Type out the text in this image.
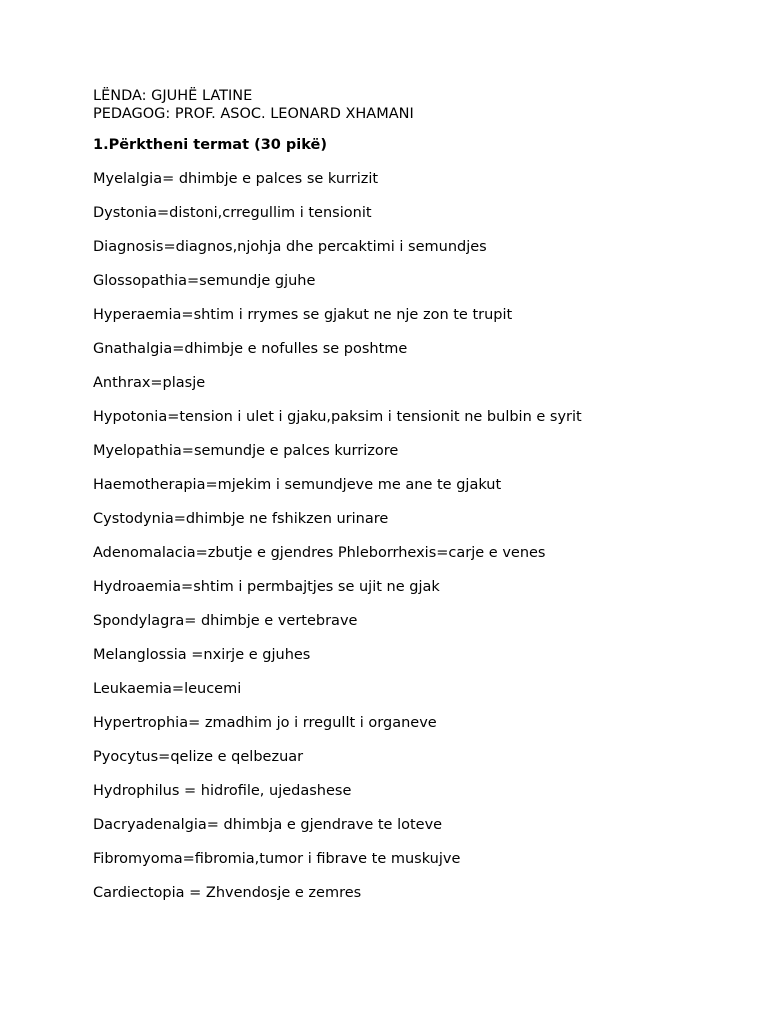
LËNDA: GJUHË LATINE
PEDAGOG: PROF. ASOC. LEONARD XHAMANI
1.Përktheni termat (30 pikë)
Myelalgia= dhimbje e palces se kurrizit
Dystonia=distoni,crregullim i tensionit
Diagnosis=diagnos,njohja dhe percaktimi i semundjes
Glossopathia=semundje gjuhe
Hyperaemia=shtim i rrymes se gjakut ne nje zon te trupit
Gnathalgia=dhimbje e nofulles se poshtme
Anthrax=plasje
Hypotonia=tension i ulet i gjaku,paksim i tensionit ne bulbin e syrit
Myelopathia=semundje e palces kurrizore
Haemotherapia=mjekim i semundjeve me ane te gjakut
Cystodynia=dhimbje ne fshikzen urinare
Adenomalacia=zbutje e gjendres Phleborrhexis=carje e venes
Hydroaemia=shtim i permbajtjes se ujit ne gjak
Spondylagra= dhimbje e vertebrave
Melanglossia =nxirje e gjuhes
Leukaemia=leucemi
Hypertrophia= zmadhim jo i rregullt i organeve
Pyocytus=qelize e qelbezuar
Hydrophilus = hidrofile, ujedashese
Dacryadenalgia= dhimbja e gjendrave te loteve
Fibromyoma=fibromia,tumor i fibrave te muskujve
Cardiectopia = Zhvendosje e zemres
